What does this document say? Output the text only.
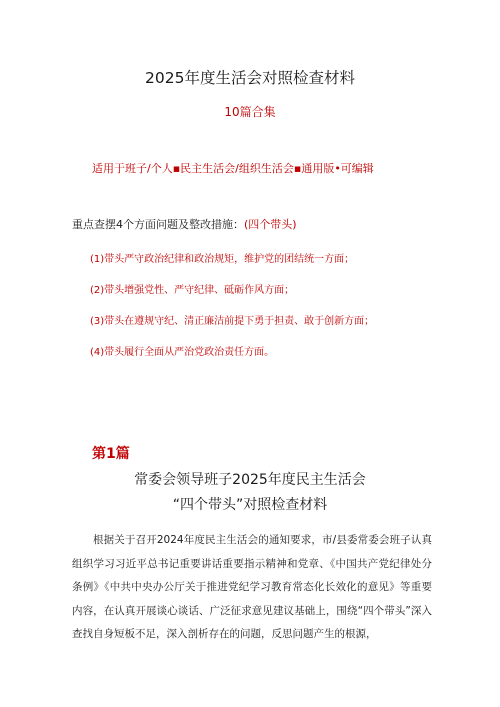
2025年度生活会对照检查材料
10篇合集
适用于班子/个人▪民主生活会/组织生活会▪通用版•可编辑
重点查摆4个方面问题及整改措施：(四个带头)
(1)带头严守政治纪律和政治规矩，维护党的团结统一方面；
(2)带头增强党性、严守纪律、砥砺作风方面；
(3)带头在遵规守纪、清正廉洁前提下勇于担责、敢于创新方面；
(4)带头履行全面从严治党政治责任方面。
第1篇
常委会领导班子2025年度民主生活会
“四个带头”对照检查材料
根据关于召开2024年度民主生活会的通知要求，市/县委常委会班子认真组织学习习近平总书记重要讲话重要指示精神和党章、《中国共产党纪律处分条例》《中共中央办公厅关于推进党纪学习教育常态化长效化的意见》等重要内容，在认真开展谈心谈话、广泛征求意见建议基础上，围绕“四个带头”深入查找自身短板不足，深入剖析存在的问题，反思问题产生的根源，
